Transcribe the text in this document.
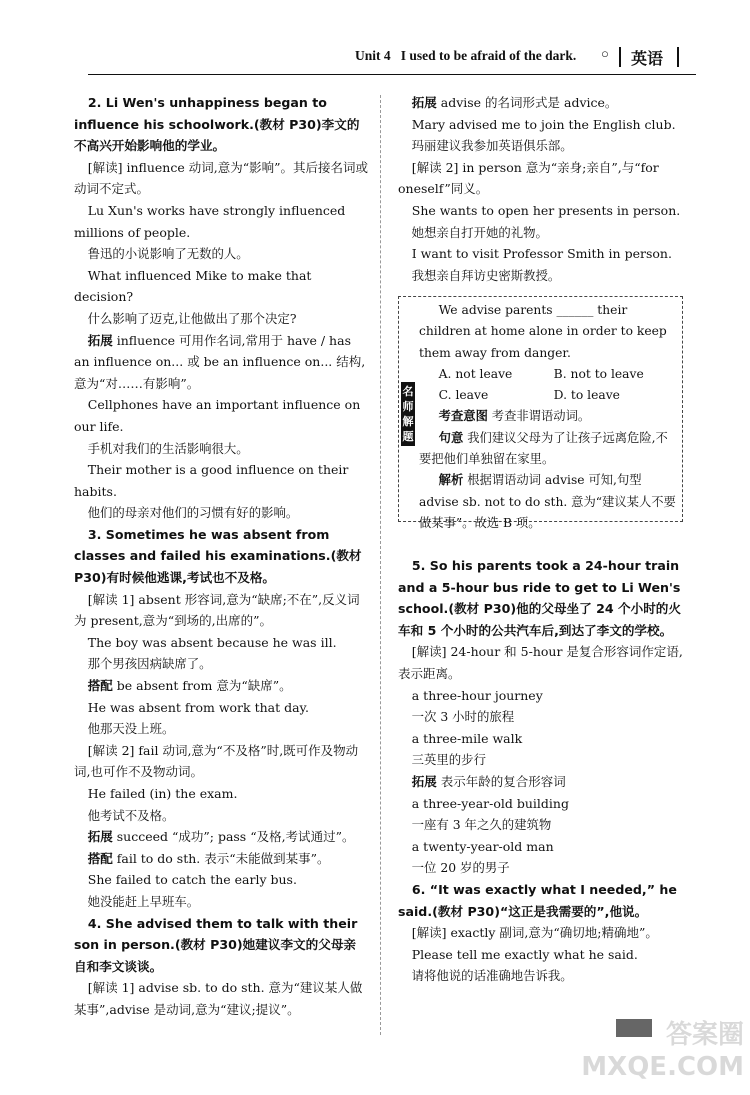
Unit 4 I used to be afraid of the dark. ○ 英语

2. Li Wen's unhappiness began to influence his schoolwork.(教材 P30)李文的不高兴开始影响他的学业。

[解读] influence 动词,意为“影响”。其后接名词或动词不定式。

Lu Xun's works have strongly influenced millions of people.

鲁迅的小说影响了无数的人。

What influenced Mike to make that decision?

什么影响了迈克,让他做出了那个决定?

拓展 influence 可用作名词,常用于 have / has an influence on... 或 be an influence on... 结构,意为“对……有影响”。

Cellphones have an important influence on our life.

手机对我们的生活影响很大。

Their mother is a good influence on their habits.

他们的母亲对他们的习惯有好的影响。

3. Sometimes he was absent from classes and failed his examinations.(教材 P30)有时候他逃课,考试也不及格。

[解读 1] absent 形容词,意为“缺席;不在”,反义词为 present,意为“到场的,出席的”。

The boy was absent because he was ill.

那个男孩因病缺席了。

搭配 be absent from 意为“缺席”。

He was absent from work that day.

他那天没上班。

[解读 2] fail 动词,意为“不及格”时,既可作及物动词,也可作不及物动词。

He failed (in) the exam.

他考试不及格。

拓展 succeed “成功”; pass “及格,考试通过”。

搭配 fail to do sth. 表示“未能做到某事”。

She failed to catch the early bus.

她没能赶上早班车。

4. She advised them to talk with their son in person.(教材 P30)她建议李文的父母亲自和李文谈谈。

[解读 1] advise sb. to do sth. 意为“建议某人做某事”,advise 是动词,意为“建议;提议”。

拓展 advise 的名词形式是 advice。

Mary advised me to join the English club.

玛丽建议我参加英语俱乐部。

[解读 2] in person 意为“亲身;亲自”,与“for oneself”同义。

She wants to open her presents in person.

她想亲自打开她的礼物。

I want to visit Professor Smith in person.

我想亲自拜访史密斯教授。

名师解题

We advise parents ______ their children at home alone in order to keep them away from danger.

A. not leave	B. not to leave
C. leave	D. to leave

考查意图 考查非谓语动词。

句意 我们建议父母为了让孩子远离危险,不要把他们单独留在家里。

解析 根据谓语动词 advise 可知,句型 advise sb. not to do sth. 意为“建议某人不要做某事”。故选 B 项。

5. So his parents took a 24-hour train and a 5-hour bus ride to get to Li Wen's school.(教材 P30)他的父母坐了 24 个小时的火车和 5 个小时的公共汽车后,到达了李文的学校。

[解读] 24-hour 和 5-hour 是复合形容词作定语,表示距离。

a three-hour journey

一次 3 小时的旅程

a three-mile walk

三英里的步行

拓展 表示年龄的复合形容词

a three-year-old building

一座有 3 年之久的建筑物

a twenty-year-old man

一位 20 岁的男子

6. “It was exactly what I needed,” he said.(教材 P30)“这正是我需要的”,他说。

[解读] exactly 副词,意为“确切地;精确地”。

Please tell me exactly what he said.

请将他说的话准确地告诉我。

答案圈 MXQE.COM
